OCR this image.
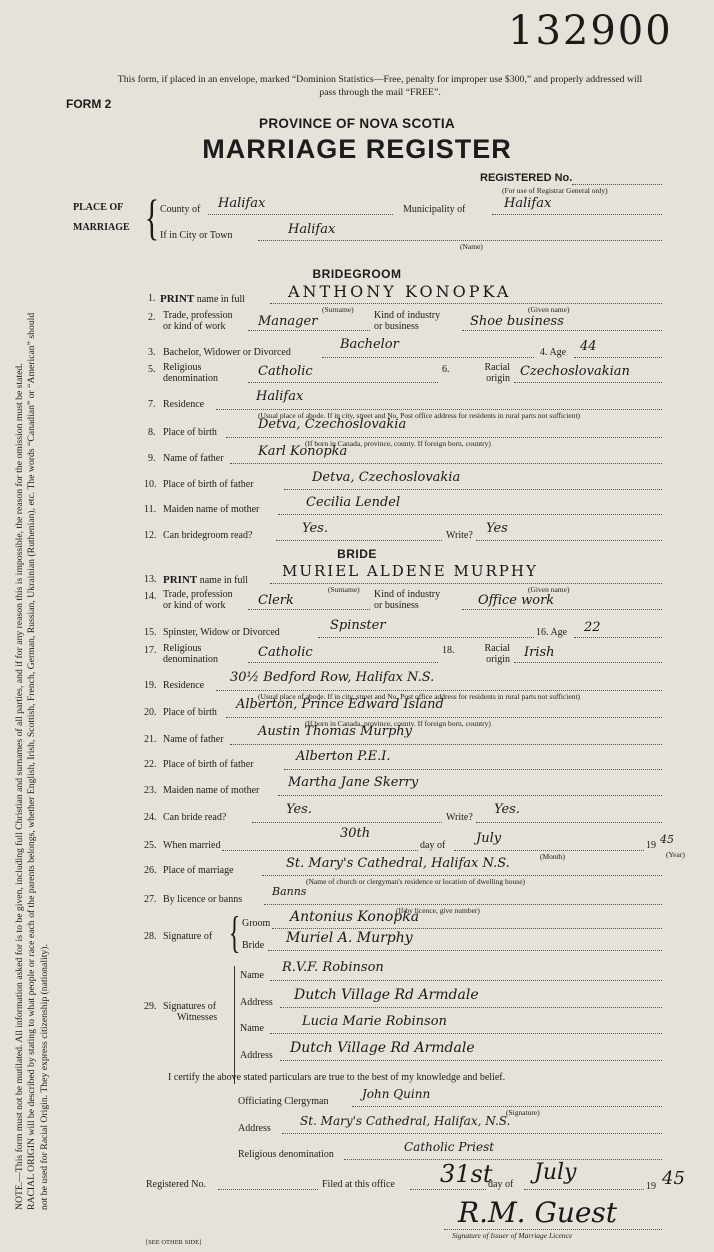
NOTE.—This form must not be mutilated. All information asked for is to be given, including full Christian and surnames of all parties, and if for any reason this is impossible, the reason for the omission must be stated. RACIAL ORIGIN will be described by stating to what people or race each of the parents belongs, whether English, Irish, Scottish, French, German, Russian, Ukrainian (Ruthenian), etc. The words “Canadian” or “American” should not be used for Racial Origin. They express citizenship (nationality).

132900
This form, if placed in an envelope, marked “Dominion Statistics—Free, penalty for improper use $300,” and properly addressed will pass through the mail “FREE”.
FORM 2
PROVINCE OF NOVA SCOTIA
MARRIAGE REGISTER
REGISTERED No.
(For use of Registrar General only)
PLACE OF
MARRIAGE { County of Halifax	Municipality of	Halifax
If in City or Town	Halifax
(Name)
BRIDEGROOM
1. PRINT name in full	ANTHONY KONOPKA
(Surname)	(Given name)
2. Trade, profession
or kind of work	Manager	Kind of industry
or business	Shoe business
3. Bachelor, Widower or Divorced
Bachelor
4. Age 44
5. Religious
denomination	Catholic	6.	Racial
origin Czechoslovakian
7. Residence
Halifax
(Usual place of abode. If in city, street and No. Post office address for residents in rural parts not sufficient)
8. Place of birth
Detva, Czechoslovakia
(If born in Canada, province, county. If foreign born, country)
9. Name of father	Karl Konopka
10. Place of birth of father	Detva, Czechoslovakia
11. Maiden name of mother	Cecilia Lendel
12. Can bridegroom read?	Yes.	Write? Yes
BRIDE
13. PRINT name in full
MURIEL ALDENE MURPHY
(Surname)	(Given name)
14. Trade, profession
or kind of work	Clerk	Kind of industry
or business	Office work
15. Spinster, Widow or Divorced	Spinster	16. Age 22
17. Religious
denomination	Catholic	18.	Racial
origin Irish
19. Residence
30½ Bedford Row, Halifax N.S.
(Usual place of abode. If in city, street and No. Post office address for residents in rural parts not sufficient)
20. Place of birth
Alberton, Prince Edward Island
(If born in Canada, province, county. If foreign born, country)
21. Name of father
Austin Thomas Murphy
22. Place of birth of father
Alberton P.E.I.
23. Maiden name of mother
Martha Jane Skerry
24. Can bride read?
Yes.
Write?
Yes.
25. When married
30th
day of July
(Month)
19 45
(Year)
26. Place of marriage	St. Mary's Cathedral, Halifax N.S.
(Name of church or clergyman's residence or location of dwelling house)
27. By licence or banns
Banns
(If by licence, give number)
28. Signature of { Groom Antonius Konopka
Bride Muriel A. Murphy
29. Signatures of
Witnesses
Name
R.V.F. Robinson
Address Dutch Village Rd Armdale
Name	Lucia Marie Robinson
Address Dutch Village Rd Armdale
I certify the above stated particulars are true to the best of my knowledge and belief.
Officiating Clergyman
John Quinn
(Signature)
Address
St. Mary's Cathedral, Halifax, N.S.
Religious denomination
Catholic Priest
Registered No.	Filed at this office 31st
day of July
19 45
R.M. Guest
Signature of Issuer of Marriage Licence
[SEE OTHER SIDE]
